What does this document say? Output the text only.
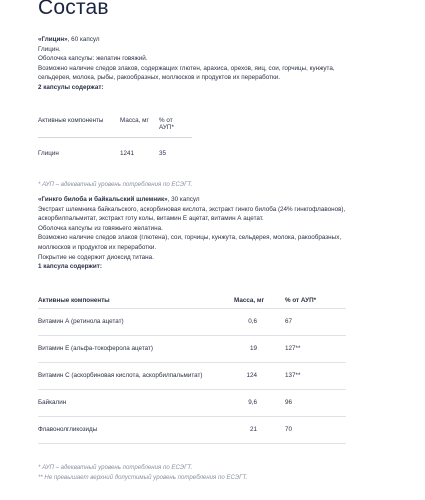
Состав

«Глицин», 60 капсул

Глицин.

Оболочка капсулы: желатин говяжий.

Возможно наличие следов злаков, содержащих глютен, арахиса, орехов, яиц, сои, горчицы, кунжута,

сельдерея, молока, рыбы, ракообразных, моллюсков и продуктов их переработки.

2 капсулы содержат:

Активные компоненты	Масса, мг % от АУП*
Глицин	1241	35
* АУП – адекватный уровень потребления по ЕСЭГТ.

«Гинкго билоба и байкальский шлемник», 30 капсул

Экстракт шлемника байкальского, аскорбиновая кислота, экстракт гинкго билоба (24% гинкгофлавонов),

аскорбилпальмитат, экстракт готу колы, витамин Е ацетат, витамин А ацетат.

Оболочка капсулы из говяжьего желатина.

Возможно наличие следов злаков (глютена), сои, горчицы, кунжута, сельдерея, молока, ракообразных,

моллюсков и продуктов их переработки.

Покрытие не содержит диоксид титана.

1 капсула содержит:

Активные компоненты	Масса, мг	% от АУП*
Витамин А (ретинола ацетат)	0,6	67
Витамин Е (альфа-токоферола ацетат)	19	127**
Витамин С (аскорбиновая кислота, аскорбилпальмитат)	124	137**
Байкалин	9,6	96
Флавонолгликозиды	21	70
* АУП – адекватный уровень потребления по ЕСЭГТ.
** Не превышает верхний допустимый уровень потребления по ЕСЭГТ.
